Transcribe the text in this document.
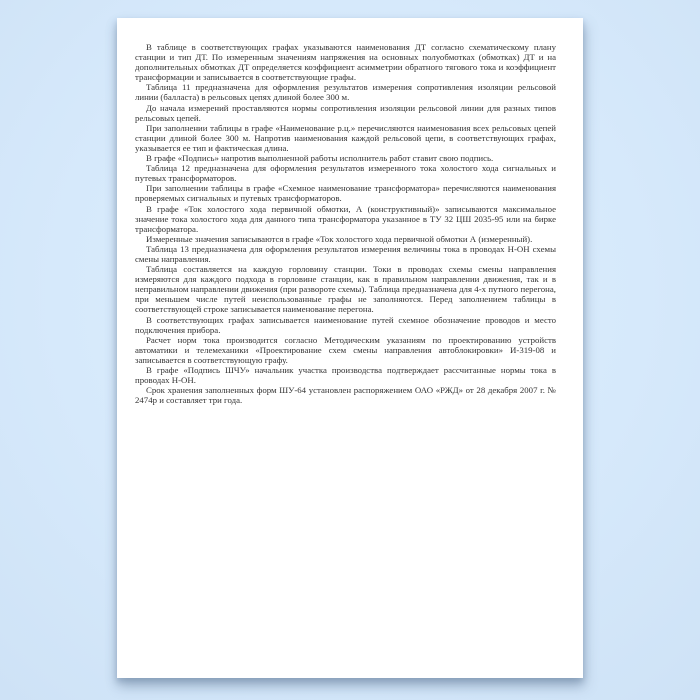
В таблице в соответствующих графах указываются наименования ДТ согласно схематическому плану станции и тип ДТ. По измеренным значениям напряжения на основных полуобмотках (обмотках) ДТ и на дополнительных обмотках ДТ определяется коэффициент асимметрии обратного тягового тока и коэффициент трансформации и записывается в соответствующие графы.

Таблица 11 предназначена для оформления результатов измерения сопротивления изоляции рельсовой линии (балласта) в рельсовых цепях длиной более 300 м.

До начала измерений проставляются нормы сопротивления изоляции рельсовой линии для разных типов рельсовых цепей.

При заполнении таблицы в графе «Наименование р.ц.» перечисляются наименования всех рельсовых цепей станции длиной более 300 м. Напротив наименования каждой рельсовой цепи, в соответствующих графах, указывается ее тип и фактическая длина.

В графе «Подпись» напротив выполненной работы исполнитель работ ставит свою подпись.

Таблица 12 предназначена для оформления результатов измеренного тока холостого хода сигнальных и путевых трансформаторов.

При заполнении таблицы в графе «Схемное наименование трансформатора» перечисляются наименования проверяемых сигнальных и путевых трансформаторов.

В графе «Ток холостого хода первичной обмотки, А (конструктивный)» записываются максимальное значение тока холостого хода для данного типа трансформатора указанное в ТУ 32 ЦШ 2035-95 или на бирке трансформатора.

Измеренные значения записываются в графе «Ток холостого хода первичной обмотки А (измеренный).

Таблица 13 предназначена для оформления результатов измерения величины тока в проводах Н-ОН схемы смены направления.

Таблица составляется на каждую горловину станции. Токи в проводах схемы смены направления измеряются для каждого подхода в горловине станции, как в правильном направлении движения, так и в неправильном направлении движения (при развороте схемы). Таблица предназначена для 4-х путного перегона, при меньшем числе путей неиспользованные графы не заполняются. Перед заполнением таблицы в соответствующей строке записывается наименование перегона.

В соответствующих графах записывается наименование путей схемное обозначение проводов и место подключения прибора.

Расчет норм тока производится согласно Методическим указаниям по проектированию устройств автоматики и телемеханики «Проектирование схем смены направления автоблокировки» И-319-08 и записывается в соответствующую графу.

В графе «Подпись ШЧУ» начальник участка производства подтверждает рассчитанные нормы тока в проводах Н-ОН.

Срок хранения заполненных форм ШУ-64 установлен распоряжением ОАО «РЖД» от 28 декабря 2007 г. № 2474р и составляет три года.
